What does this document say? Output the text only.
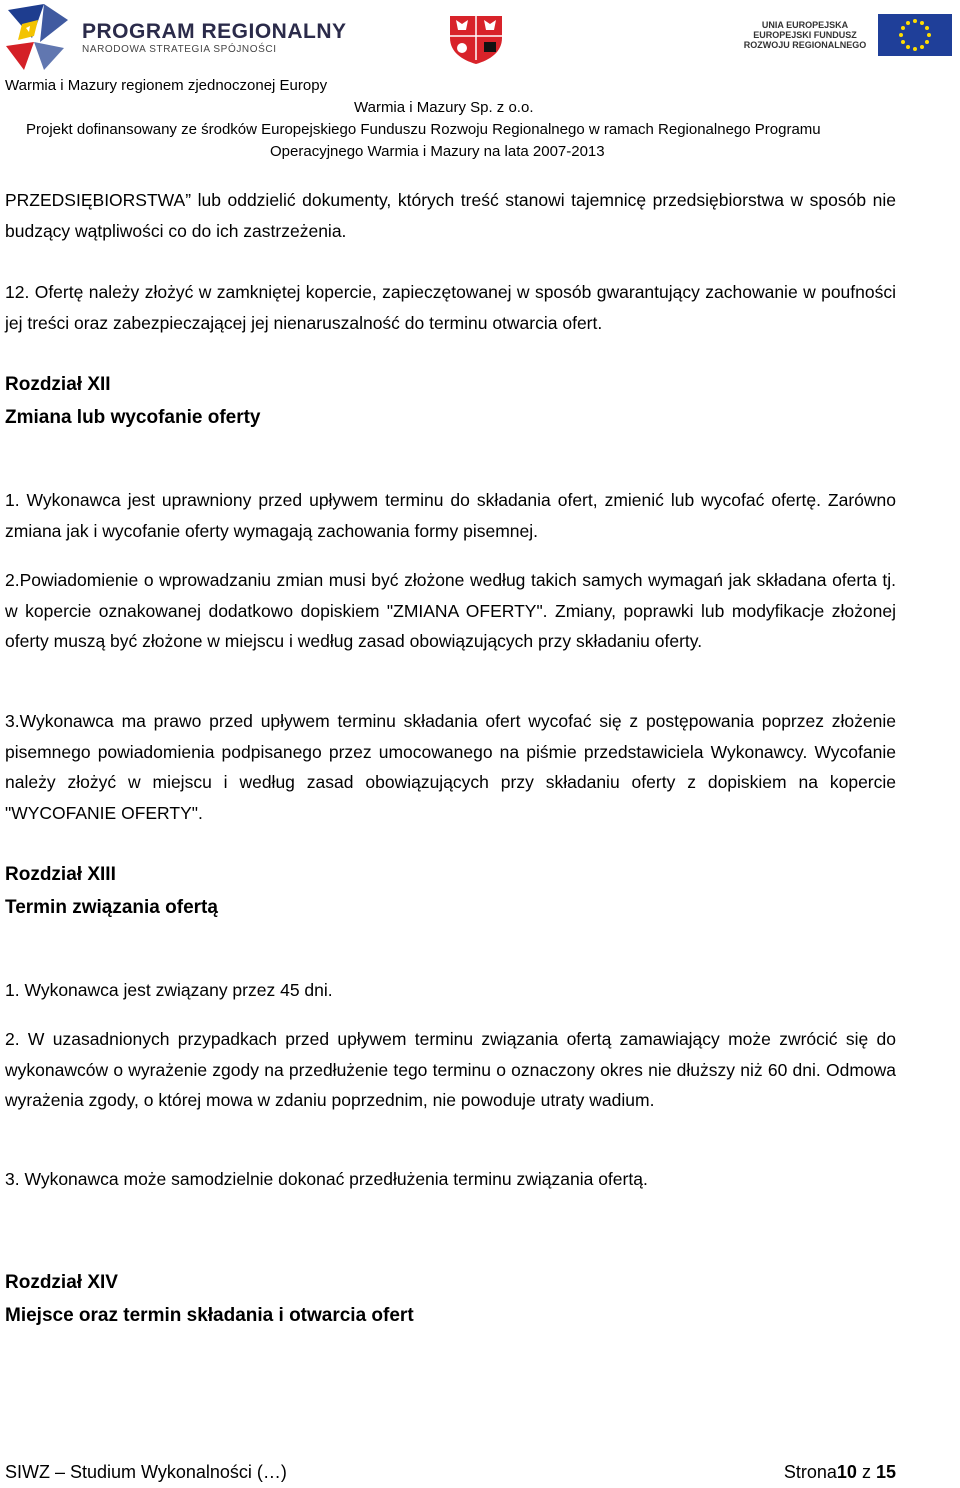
PROGRAM REGIONALNY
NARODOWA STRATEGIA SPÓJNOŚCI
UNIA EUROPEJSKA
EUROPEJSKI FUNDUSZ
ROZWOJU REGIONALNEGO
Warmia i Mazury regionem zjednoczonej Europy
Warmia i Mazury Sp. z o.o.
Projekt dofinansowany ze środków Europejskiego Funduszu Rozwoju Regionalnego w ramach Regionalnego Programu
Operacyjnego Warmia i Mazury na lata 2007-2013
PRZEDSIĘBIORSTWA” lub oddzielić dokumenty, których treść stanowi tajemnicę przedsiębiorstwa w sposób nie budzący wątpliwości co do ich zastrzeżenia.
12. Ofertę należy złożyć w zamkniętej kopercie, zapieczętowanej w sposób gwarantujący zachowanie w poufności jej treści oraz zabezpieczającej jej nienaruszalność do terminu otwarcia ofert.
Rozdział XII
Zmiana lub wycofanie oferty
1. Wykonawca jest uprawniony przed upływem terminu do składania ofert, zmienić lub wycofać ofertę. Zarówno zmiana jak i wycofanie oferty wymagają zachowania formy pisemnej.
2.Powiadomienie o wprowadzaniu zmian musi być złożone według takich samych wymagań jak składana oferta tj. w kopercie oznakowanej dodatkowo dopiskiem "ZMIANA OFERTY". Zmiany, poprawki lub modyfikacje złożonej oferty muszą być złożone w miejscu i według zasad obowiązujących przy składaniu oferty.
3.Wykonawca ma prawo przed upływem terminu składania ofert wycofać się z postępowania poprzez złożenie pisemnego powiadomienia podpisanego przez umocowanego na piśmie przedstawiciela Wykonawcy. Wycofanie należy złożyć w miejscu i według zasad obowiązujących przy składaniu oferty z dopiskiem na kopercie "WYCOFANIE OFERTY".
Rozdział XIII
Termin związania ofertą
1. Wykonawca jest związany przez 45 dni.
2. W uzasadnionych przypadkach przed upływem terminu związania ofertą zamawiający może zwrócić się do wykonawców o wyrażenie zgody na przedłużenie tego terminu o oznaczony okres nie dłuższy niż 60 dni. Odmowa wyrażenia zgody, o której mowa w zdaniu poprzednim, nie powoduje utraty wadium.
3. Wykonawca może samodzielnie dokonać przedłużenia terminu związania ofertą.
Rozdział XIV
Miejsce oraz termin składania i otwarcia ofert
SIWZ – Studium Wykonalności (…)	Strona10 z 15
